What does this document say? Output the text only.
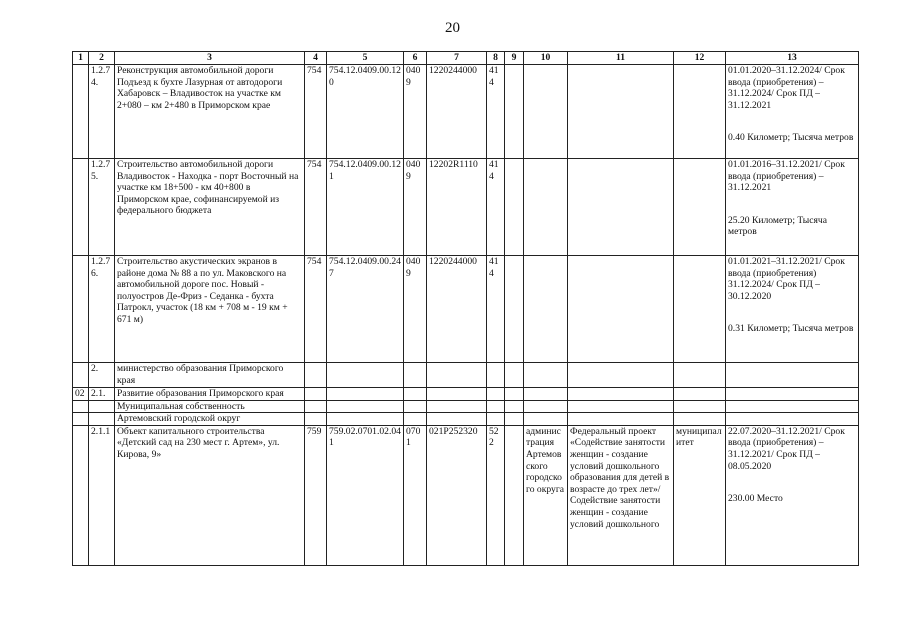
20
1	2	3	4	5	6	7	8	9	10	11	12	13
	1.2.7 4.	Реконструкция автомобильной дороги Подъезд к бухте Лазурная от автодороги Хабаровск – Владивосток на участке км 2+080 – км 2+480 в Приморском крае	754	754.12.0409.00.120	0409	1220244000	414					01.01.2020–31.12.2024/ Срок ввода (приобретения) – 31.12.2024/ Срок ПД – 31.12.2021
0.40 Километр; Тысяча метров
	1.2.7 5.	Строительство автомобильной дороги Владивосток - Находка - порт Восточный на участке км 18+500 - км 40+800 в Приморском крае, софинансируемой из федерального бюджета	754	754.12.0409.00.121	0409	12202R1110	414					01.01.2016–31.12.2021/ Срок ввода (приобретения) – 31.12.2021
25.20 Километр; Тысяча метров
	1.2.7 6.	Строительство акустических экранов в районе дома № 88 а по ул. Маковского на автомобильной дороге пос. Новый - полуостров Де-Фриз - Седанка - бухта Патрокл, участок (18 км + 708 м - 19 км + 671 м)	754	754.12.0409.00.247	0409	1220244000	414					01.01.2021–31.12.2021/ Срок ввода (приобретения) 31.12.2024/ Срок ПД – 30.12.2020
0.31 Километр; Тысяча метров
	2.	министерство образования Приморского края										
02	2.1.	Развитие образования Приморского края										
		Муниципальная собственность										
		Артемовский городской округ										
	2.1.1	Объект капитального строительства «Детский сад на 230 мест г. Артем», ул. Кирова, 9»	759	759.02.0701.02.041	0701	021P252320	522		админис трация Артемов ского городско го округа	Федеральный проект «Содействие занятости женщин - создание условий дошкольного образования для детей в возрасте до трех лет»/Содействие занятости женщин - создание условий дошкольного	муниципал итет	22.07.2020–31.12.2021/ Срок ввода (приобретения) – 31.12.2021/ Срок ПД – 08.05.2020
230.00 Место
